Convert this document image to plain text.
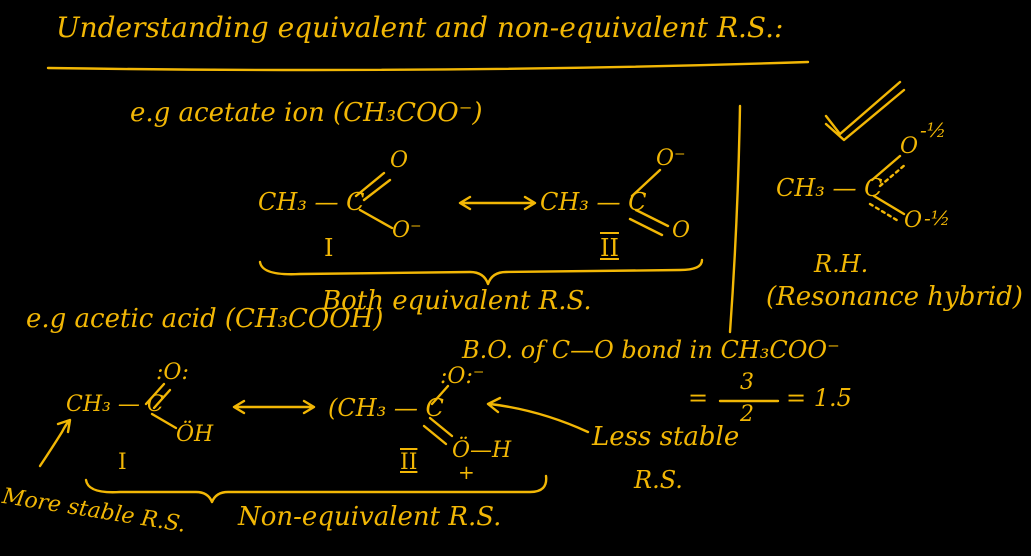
Understanding equivalent and non-equivalent R.S.:
e.g acetate ion (CH₃COO⁻)
CH₃ — C
O
O⁻
I
CH₃ — C
O⁻
O
II
Both equivalent R.S.
CH₃ — C
O
-½
O -½
R.H.
(Resonance hybrid)
B.O. of C—O bond in CH₃COO⁻
=
3
2
= 1.5
e.g acetic acid (CH₃COOH)
CH₃ — C
:O:
ÖH
I
(CH₃ — C
:O:⁻
Ö—H
+
II
Less stable
R.S.
More stable R.S. Non-equivalent R.S.
